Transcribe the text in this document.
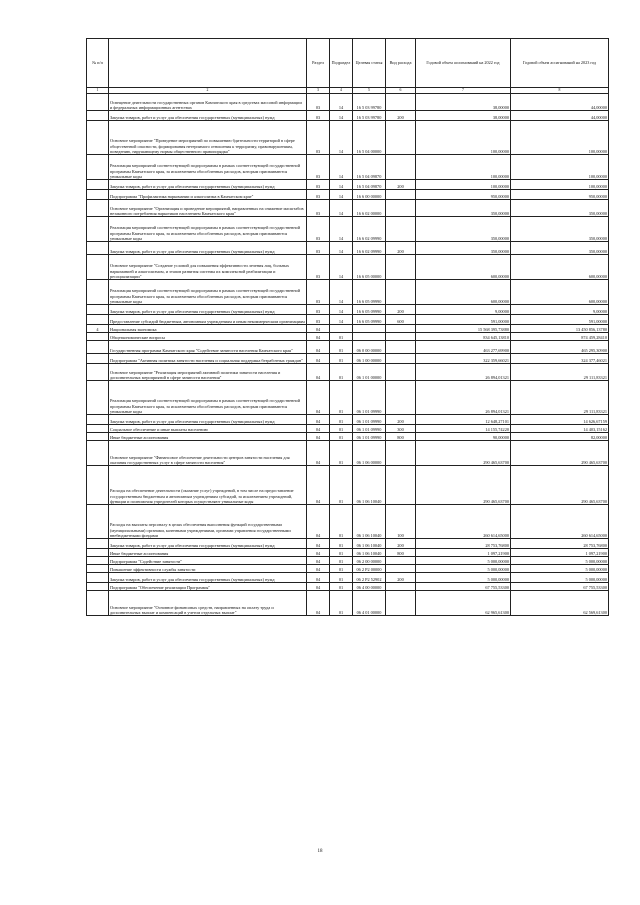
№ п/п		Раздел	Подраздел	Целевая статья	Вид расхода	Годовой объем ассигнований на 2022 год	Годовой объем ассигнований на 2023 год
1	2	3	4	5	6	7	8
	Освещение деятельности государственных органов Камчатского края в средствах массовой информации и федеральных информационных агентствах	03	14	16 5 03 99780		38,00000	44,00000
	Закупка товаров, работ и услуг для обеспечения государственных (муниципальных) нужд	03	14	16 5 03 99780	200	38,00000	44,00000
	Основное мероприятие "Проведение мероприятий по повышению бдительности территорий в сфере общественной опасности, формирования нетерпимого отношения к терроризму, правонарушениям, поведению, нарушающему нормы общественного правопорядка"	03	14	16 5 04 00000		100,00000	100,00000
	Реализация мероприятий соответствующей подпрограммы в рамках соответствующей государственной программы Камчатского края, за исключением обособленных расходов, которым присваиваются уникальные коды	03	14	16 5 04 09870		100,00000	100,00000
	Закупка товаров, работ и услуг для обеспечения государственных (муниципальных) нужд	03	14	16 5 04 09870	200	100,00000	100,00000
	Подпрограмма "Профилактика наркомании и алкоголизма в Камчатском крае"	03	14	16 6 00 00000		950,00000	950,00000
	Основное мероприятие "Организация и проведение мероприятий, направленных на снижение масштабов незаконного потребления наркотиков населением Камчатского края"	03	14	16 6 02 00000		350,00000	350,00000
	Реализация мероприятий соответствующей подпрограммы в рамках соответствующей государственной программы Камчатского края, за исключением обособленных расходов, которым присваиваются уникальные коды	03	14	16 6 02 09990		350,00000	350,00000
	Закупка товаров, работ и услуг для обеспечения государственных (муниципальных) нужд	03	14	16 6 02 09990	200	350,00000	350,00000
	Основное мероприятие "Создание условий для повышения эффективности лечения лиц, больных наркоманией и алкоголизмом, и этапов развития системы их комплексной реабилитации и ресоциализации"	03	14	16 6 05 00000		600,00000	600,00000
	Реализация мероприятий соответствующей подпрограммы в рамках соответствующей государственной программы Камчатского края, за исключением обособленных расходов, которым присваиваются уникальные коды	03	14	16 6 05 09990		600,00000	600,00000
	Закупка товаров, работ и услуг для обеспечения государственных (муниципальных) нужд	03	14	16 6 05 09990	200	9,00000	9,00000
	Предоставление субсидий бюджетным, автономным учреждениям и иным некоммерческим организациям	03	14	16 6 05 09990	600	591,00000	591,00000
4	Национальная экономика	04				15 568 395,73880	13 450 856,13780
	Общеэкономические вопросы	04	01			834 645,13810	874 459,28410
	Государственная программа Камчатского края "Содействие занятости населения Камчатского края"	04	01	06 0 00 00000		463 277,69900	465 295,30900
	Подпрограмма "Активная политика занятости населения и социальная поддержка безработных граждан"	04	01	06 1 00 00000		322 359,66021	324 377,46021
	Основное мероприятие "Реализация мероприятий активной политики занятости населения и дополнительных мероприятий в сфере занятости населения"	04	01	06 1 01 00000		26 894,01321	29 111,83321
	Реализация мероприятий соответствующей подпрограммы в рамках соответствующей государственной программы Камчатского края, за исключением обособленных расходов, которым присваиваются уникальные коды	04	01	06 1 01 09990		26 894,01321	29 111,83321
	Закупка товаров, работ и услуг для обеспечения государственных (муниципальных) нужд	04	01	06 1 01 09990	200	12 648,27101	14 626,67159
	Социальное обеспечение и иные выплаты населению	04	01	06 1 01 09990	300	14 155,74220	14 403,15162
	Иные бюджетные ассигнования	04	01	06 1 01 09990	800	90,00000	82,00000
	Основное мероприятие "Финансовое обеспечение деятельности центров занятости населения для оказания государственных услуг в сфере занятости населения"	04	01	06 1 06 00000		290 465,63700	290 465,63700
	Расходы на обеспечение деятельности (оказание услуг) учреждений, в том числе на предоставление государственным бюджетным и автономным учреждениям субсидий, за исключением учреждений, функции и полномочия учредителей которых осуществляют уникальные коды	04	01	06 1 06 10040		290 465,63700	290 465,63700
	Расходы на выплаты персоналу в целях обеспечения выполнения функций государственными (муниципальными) органами, казенными учреждениями, органами управления государственными внебюджетными фондами	04	01	06 1 06 10040	100	260 614,65000	260 614,65000
	Закупка товаров, работ и услуг для обеспечения государственных (муниципальных) нужд	04	01	06 1 06 10040	200	28 753,76800	28 753,76800
	Иные бюджетные ассигнования	04	01	06 1 06 10040	800	1 097,21900	1 097,21900
	Подпрограмма "Содействие занятости"	04	01	06 2 00 00000		5 000,00000	5 000,00000
	Повышение эффективности службы занятости	04	01	06 2 P2 00000		5 000,00000	5 000,00000
	Закупка товаров, работ и услуг для обеспечения государственных (муниципальных) нужд	04	01	06 2 P2 52902	200	5 000,00000	5 000,00000
	Подпрограмма "Обеспечение реализации Программы"	04	01	06 4 00 00000		67 755,53300	67 755,53300
	Основное мероприятие "Основное финансовых средств, направленных на оплату труда и дополнительных выплат и компенсаций в учетом отдельных выплат"	04	01	06 4 01 00000		62 965,61300	62 569,61300
18
